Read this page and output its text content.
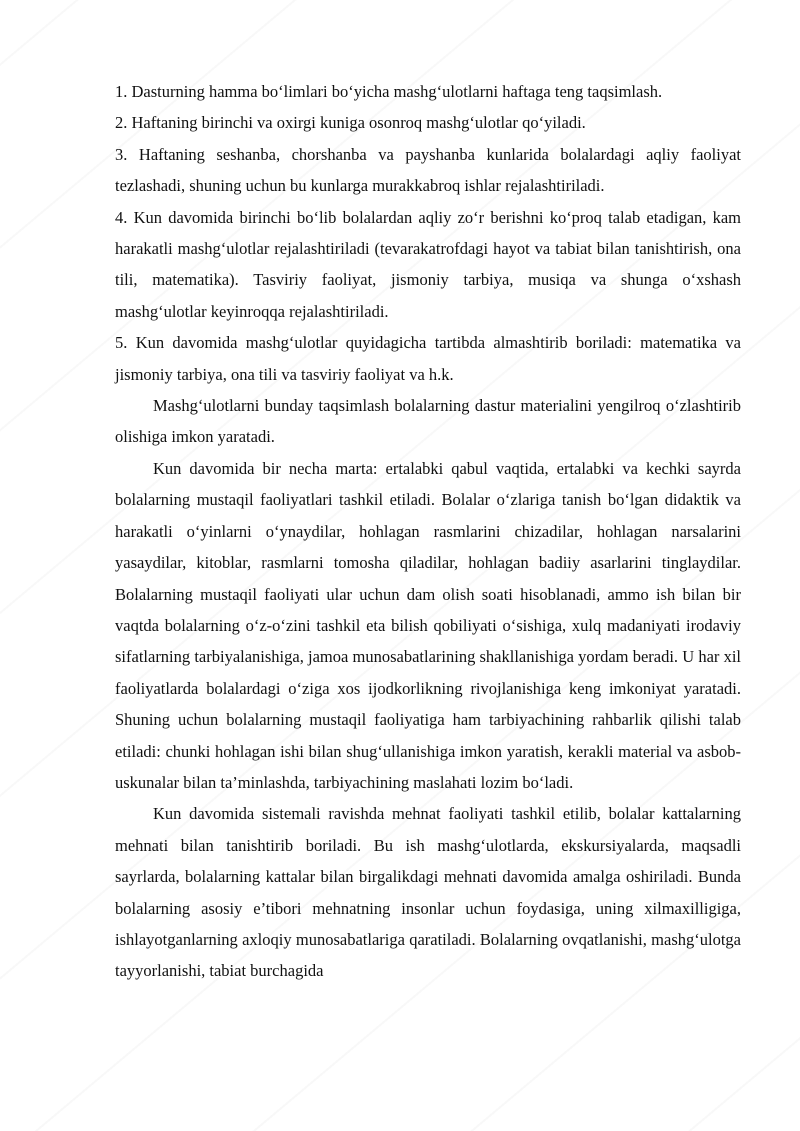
1. Dasturning hamma bo‘limlari bo‘yicha mashg‘ulotlarni haftaga teng taqsimlash.

2. Haftaning birinchi va oxirgi kuniga osonroq mashg‘ulotlar qo‘yiladi.

3. Haftaning seshanba, chorshanba va payshanba kunlarida bolalardagi aqliy faoliyat tezlashadi, shuning uchun bu kunlarga murakkabroq ishlar rejalashtiriladi.

4. Kun davomida birinchi bo‘lib bolalardan aqliy zo‘r berishni ko‘proq talab etadigan, kam harakatli mashg‘ulotlar rejalashtiriladi (tevarakatrofdagi hayot va tabiat bilan tanishtirish, ona tili, matematika). Tasviriy faoliyat, jismoniy tarbiya, musiqa va shunga o‘xshash mashg‘ulotlar keyinroqqa rejalashtiriladi.

5. Kun davomida mashg‘ulotlar quyidagicha tartibda almashtirib boriladi: matematika va jismoniy tarbiya, ona tili va tasviriy faoliyat va h.k.

Mashg‘ulotlarni bunday taqsimlash bolalarning dastur materialini yengilroq o‘zlashtirib olishiga imkon yaratadi.

Kun davomida bir necha marta: ertalabki qabul vaqtida, ertalabki va kechki sayrda bolalarning mustaqil faoliyatlari tashkil etiladi. Bolalar o‘zlariga tanish bo‘lgan didaktik va harakatli o‘yinlarni o‘ynaydilar, hohlagan rasmlarini chizadilar, hohlagan narsalarini yasaydilar, kitoblar, rasmlarni tomosha qiladilar, hohlagan badiiy asarlarini tinglaydilar. Bolalarning mustaqil faoliyati ular uchun dam olish soati hisoblanadi, ammo ish bilan bir vaqtda bolalarning o‘z-o‘zini tashkil eta bilish qobiliyati o‘sishiga, xulq madaniyati irodaviy sifatlarning tarbiyalanishiga, jamoa munosabatlarining shakllanishiga yordam beradi. U har xil faoliyatlarda bolalardagi o‘ziga xos ijodkorlikning rivojlanishiga keng imkoniyat yaratadi. Shuning uchun bolalarning mustaqil faoliyatiga ham tarbiyachining rahbarlik qilishi talab etiladi: chunki hohlagan ishi bilan shug‘ullanishiga imkon yaratish, kerakli material va asbob-uskunalar bilan ta’minlashda, tarbiyachining maslahati lozim bo‘ladi.

Kun davomida sistemali ravishda mehnat faoliyati tashkil etilib, bolalar kattalarning mehnati bilan tanishtirib boriladi. Bu ish mashg‘ulotlarda, ekskursiyalarda, maqsadli sayrlarda, bolalarning kattalar bilan birgalikdagi mehnati davomida amalga oshiriladi. Bunda bolalarning asosiy e’tibori mehnatning insonlar uchun foydasiga, uning xilmaxilligiga, ishlayotganlarning axloqiy munosabatlariga qaratiladi. Bolalarning ovqatlanishi, mashg‘ulotga tayyorlanishi, tabiat burchagida
